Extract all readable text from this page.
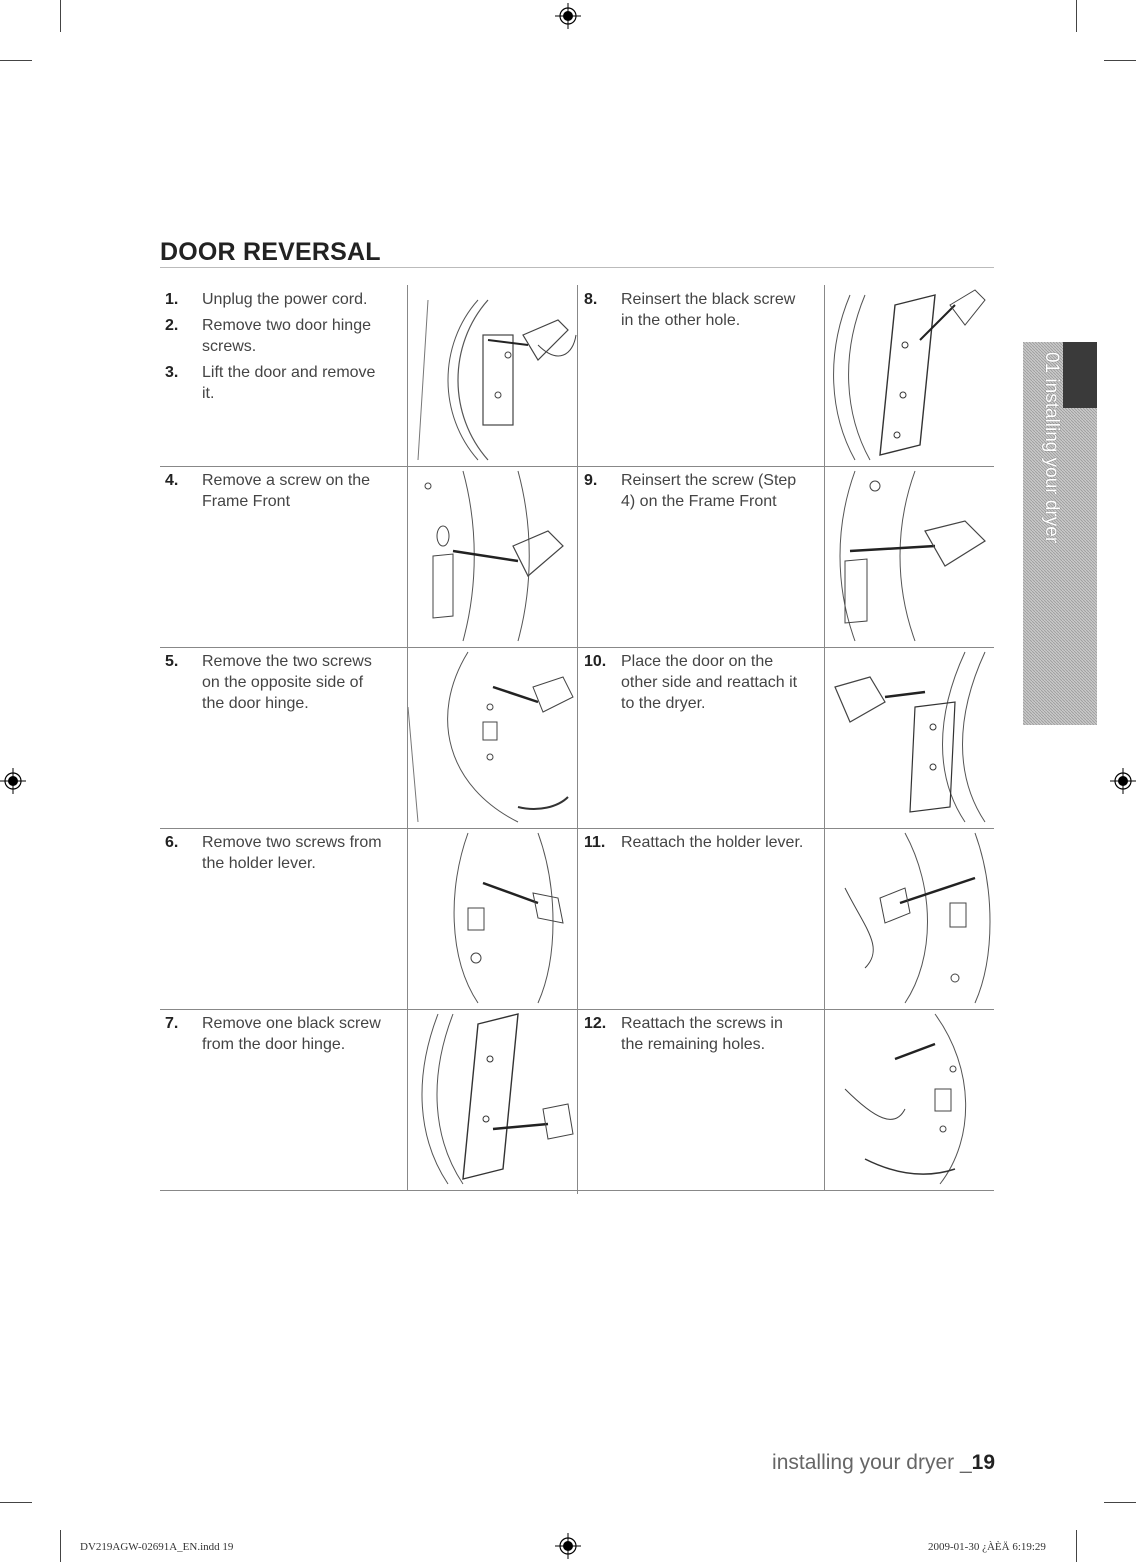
DOOR REVERSAL
01 installing your dryer
1. Unplug the power cord.
2. Remove two door hinge
screws.
3. Lift the door and remove
it.
8. Reinsert the black screw
in the other hole.
4. Remove a screw on the
Frame Front
9. Reinsert the screw (Step
4) on the Frame Front
5. Remove the two screws
on the opposite side of
the door hinge.
10. Place the door on the
other side and reattach it
to the dryer.
6. Remove two screws from
the holder lever.
11. Reattach the holder lever.
7. Remove one black screw
from the door hinge.
12. Reattach the screws in
the remaining holes.
installing your dryer _19
DV219AGW-02691A_EN.indd 19	2009-01-30 ¿ÀÈÄ 6:19:29
